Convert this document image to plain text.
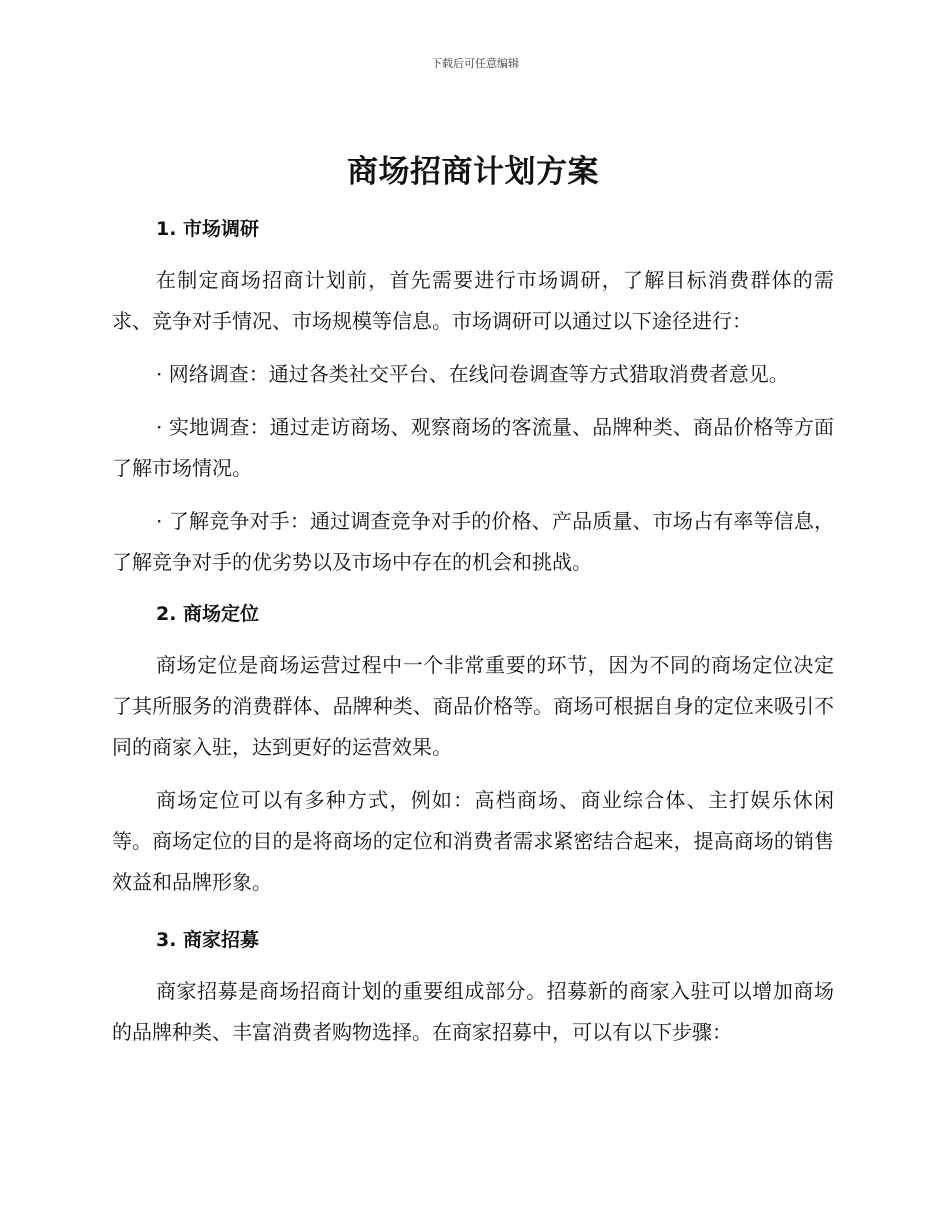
下载后可任意编辑
商场招商计划方案
1. 市场调研

在制定商场招商计划前，首先需要进行市场调研，了解目标消费群体的需求、竞争对手情况、市场规模等信息。市场调研可以通过以下途径进行：

· 网络调查：通过各类社交平台、在线问卷调查等方式猎取消费者意见。

· 实地调查：通过走访商场、观察商场的客流量、品牌种类、商品价格等方面了解市场情况。

· 了解竞争对手：通过调查竞争对手的价格、产品质量、市场占有率等信息，了解竞争对手的优劣势以及市场中存在的机会和挑战。

2. 商场定位

商场定位是商场运营过程中一个非常重要的环节，因为不同的商场定位决定了其所服务的消费群体、品牌种类、商品价格等。商场可根据自身的定位来吸引不同的商家入驻，达到更好的运营效果。

商场定位可以有多种方式，例如：高档商场、商业综合体、主打娱乐休闲等。商场定位的目的是将商场的定位和消费者需求紧密结合起来，提高商场的销售效益和品牌形象。

3. 商家招募

商家招募是商场招商计划的重要组成部分。招募新的商家入驻可以增加商场的品牌种类、丰富消费者购物选择。在商家招募中，可以有以下步骤：
